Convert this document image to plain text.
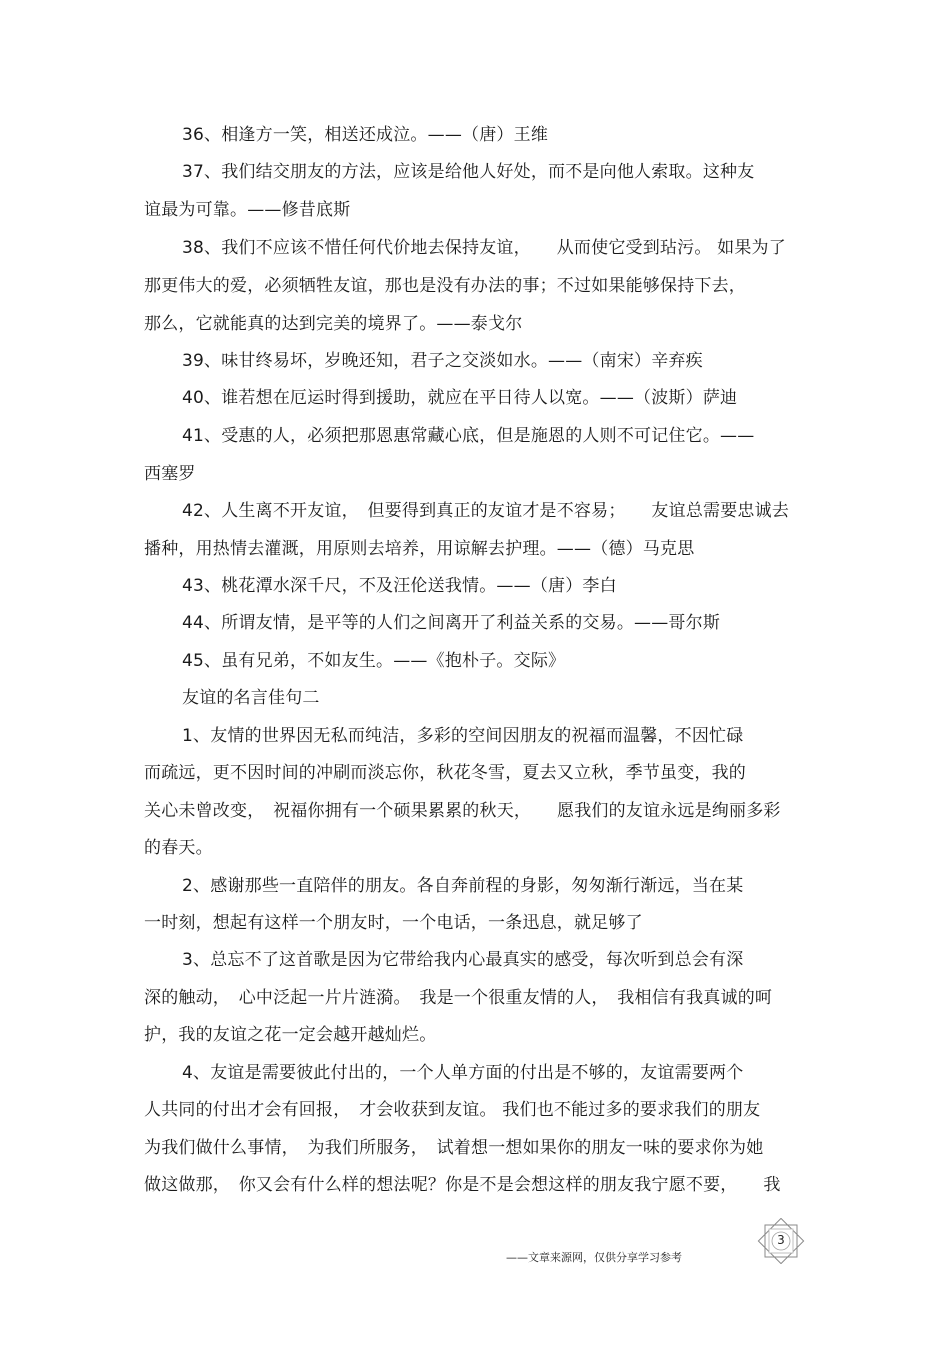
36、相逢方一笑，相送还成泣。——（唐）王维
37、我们结交朋友的方法，应该是给他人好处，而不是向他人索取。这种友
谊最为可靠。——修昔底斯
38、我们不应该不惜任何代价地去保持友谊，　　从而使它受到玷污。 如果为了
那更伟大的爱，必须牺牲友谊，那也是没有办法的事；不过如果能够保持下去，
那么，它就能真的达到完美的境界了。——泰戈尔
39、味甘终易坏，岁晚还知，君子之交淡如水。——（南宋）辛弃疾
40、谁若想在厄运时得到援助，就应在平日待人以宽。——（波斯）萨迪
41、受惠的人，必须把那恩惠常藏心底，但是施恩的人则不可记住它。——
西塞罗
42、人生离不开友谊，　但要得到真正的友谊才是不容易；　　友谊总需要忠诚去
播种，用热情去灌溉，用原则去培养，用谅解去护理。——（德）马克思
43、桃花潭水深千尺，不及汪伦送我情。——（唐）李白
44、所谓友情，是平等的人们之间离开了利益关系的交易。——哥尔斯
45、虽有兄弟，不如友生。——《抱朴子。交际》
友谊的名言佳句二
1、友情的世界因无私而纯洁，多彩的空间因朋友的祝福而温馨，不因忙碌
而疏远，更不因时间的冲刷而淡忘你，秋花冬雪，夏去又立秋，季节虽变，我的
关心未曾改变，　祝福你拥有一个硕果累累的秋天，　　愿我们的友谊永远是绚丽多彩
的春天。
2、感谢那些一直陪伴的朋友。各自奔前程的身影，匆匆渐行渐远，当在某
一时刻，想起有这样一个朋友时，一个电话，一条迅息，就足够了
3、总忘不了这首歌是因为它带给我内心最真实的感受，每次听到总会有深
深的触动，　心中泛起一片片涟漪。　我是一个很重友情的人，　我相信有我真诚的呵
护，我的友谊之花一定会越开越灿烂。
4、友谊是需要彼此付出的，一个人单方面的付出是不够的，友谊需要两个
人共同的付出才会有回报，　才会收获到友谊。 我们也不能过多的要求我们的朋友
为我们做什么事情，　为我们所服务，　试着想一想如果你的朋友一味的要求你为她
做这做那，　你又会有什么样的想法呢？你是不是会想这样的朋友我宁愿不要，　　我
——文章来源网，仅供分享学习参考
3
